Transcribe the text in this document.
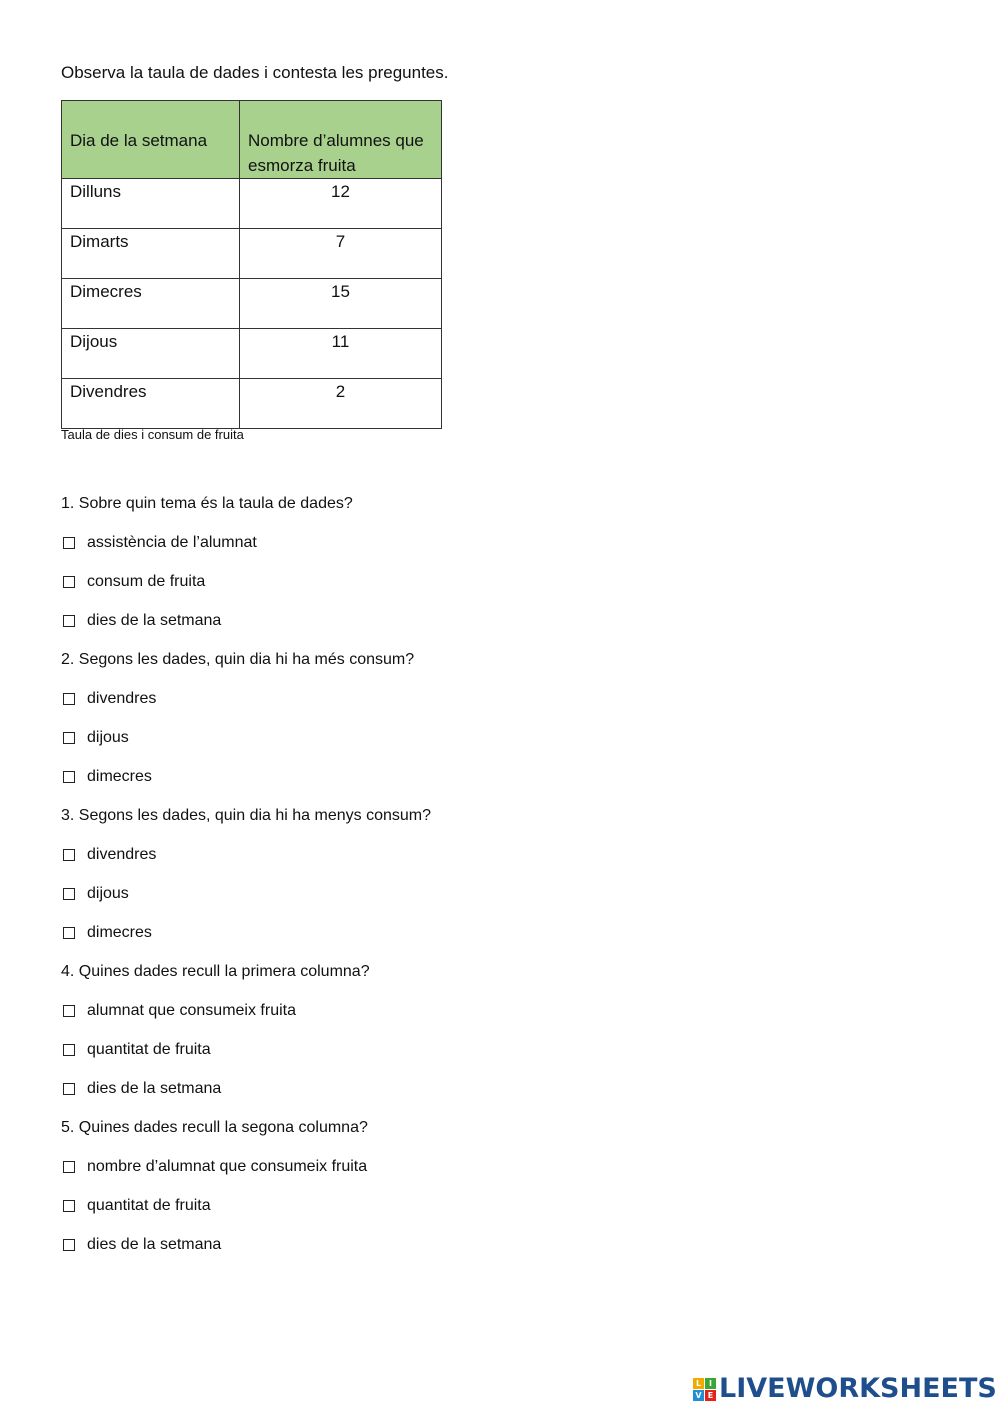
Observa la taula de dades i contesta les preguntes.

Dia de la setmana	Nombre d’alumnes que esmorza fruita
Dilluns	12
Dimarts	7
Dimecres	15
Dijous	11
Divendres	2

Taula de dies i consum de fruita

1. Sobre quin tema és la taula de dades?

assistència de l’alumnat
consum de fruita
dies de la setmana

2. Segons les dades, quin dia hi ha més consum?

divendres
dijous
dimecres

3. Segons les dades, quin dia hi ha menys consum?

divendres
dijous
dimecres

4. Quines dades recull la primera columna?

alumnat que consumeix fruita
quantitat de fruita
dies de la setmana

5. Quines dades recull la segona columna?

nombre d’alumnat que consumeix fruita
quantitat de fruita
dies de la setmana
L I
V E LIVEWORKSHEETS
